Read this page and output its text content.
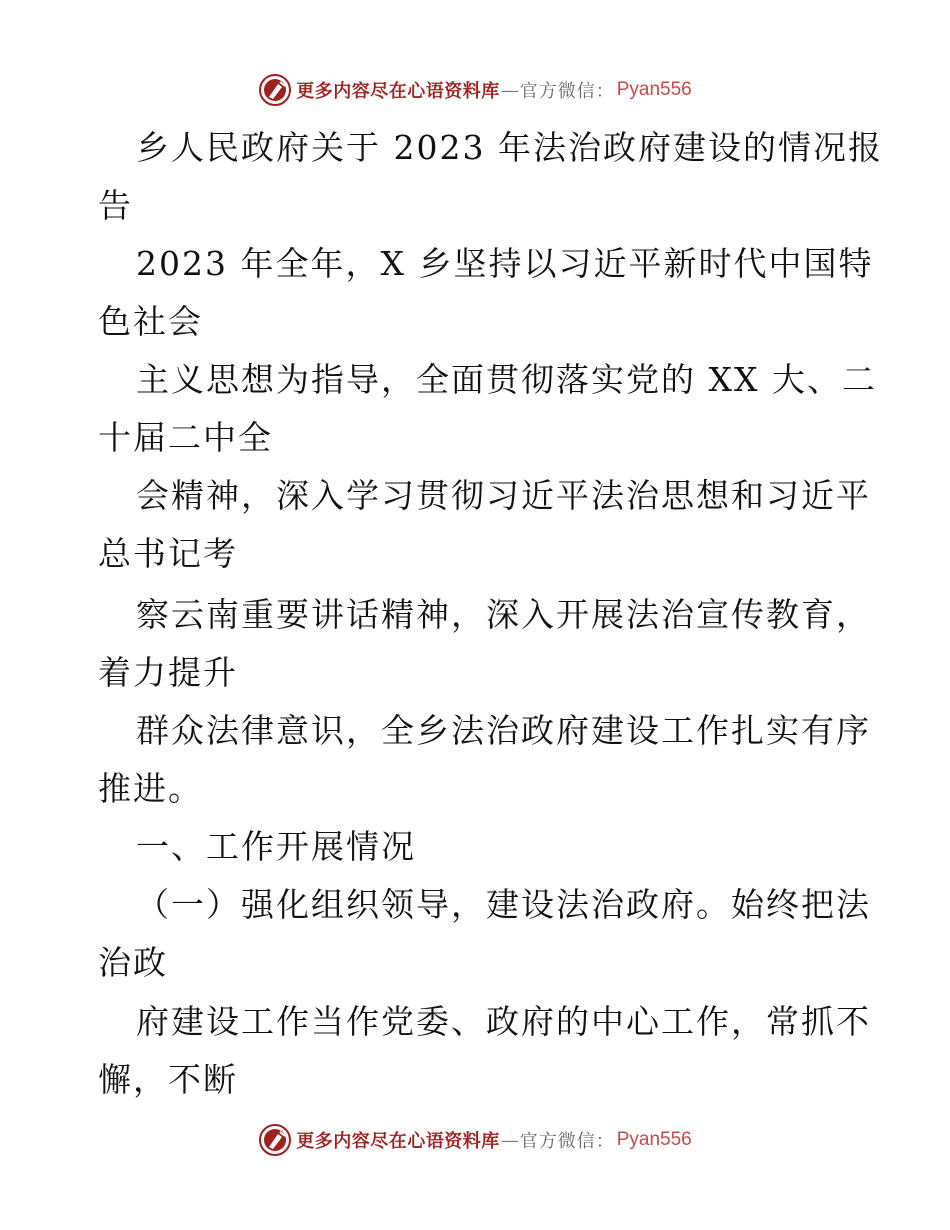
更多内容尽在心语资料库 — 官方微信： Pyan556
乡人民政府关于 2023 年法治政府建设的情况报
告
2023 年全年，X 乡坚持以习近平新时代中国特
色社会
主义思想为指导，全面贯彻落实党的 XX 大、二
十届二中全
会精神，深入学习贯彻习近平法治思想和习近平
总书记考
察云南重要讲话精神，深入开展法治宣传教育，
着力提升
群众法律意识，全乡法治政府建设工作扎实有序
推进。
一、工作开展情况
（一）强化组织领导，建设法治政府。始终把法
治政
府建设工作当作党委、政府的中心工作，常抓不
懈，不断
更多内容尽在心语资料库 — 官方微信： Pyan556
